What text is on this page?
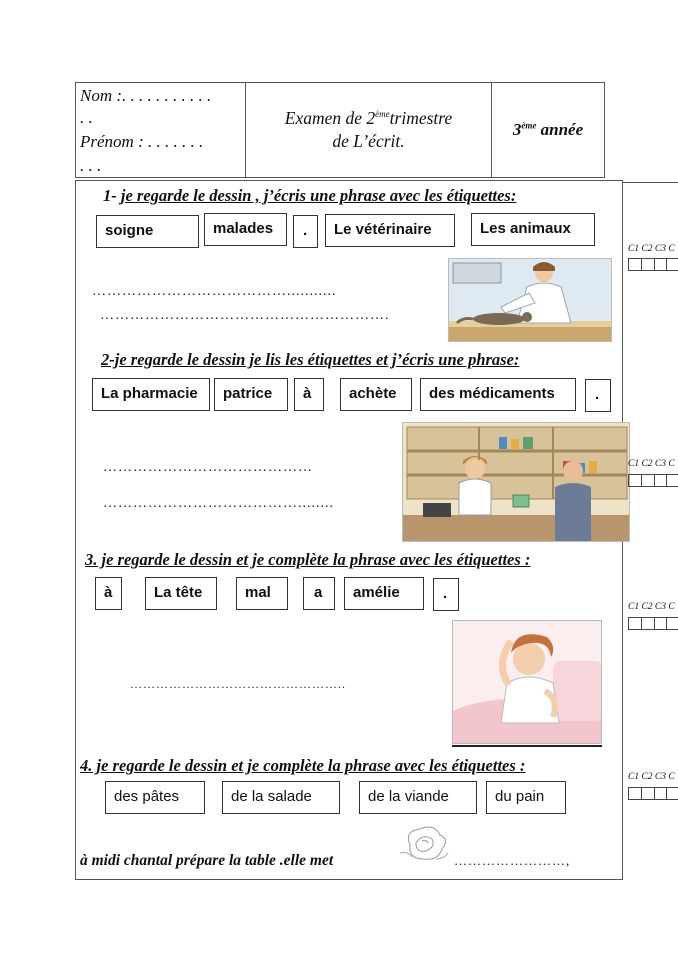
Nom :. . . . . . . . . . .
. .
Prénom : . . . . . . .
. . .
Examen de 2èmetrimestre
de L’écrit.
3ème année
1- je regarde le dessin , j’écris une phrase avec les étiquettes:
soigne	malades	.	Le vétérinaire	Les animaux
…………………………………...........
………………………………………………….
C1 C2 C3 C
2-je regarde le dessin je lis les étiquettes et j’écris une phrase:
La pharmacie	patrice	à	achète	des médicaments	.
……………………………………
…………………………………........
C1 C2 C3 C
3. je regarde le dessin et je complète la phrase avec les étiquettes :
à	La tête	mal	a	amélie	.
…………………………………………..
C1 C2 C3 C
4. je regarde le dessin et je complète la phrase avec les étiquettes :
des pâtes	de la salade	de la viande	du pain
à midi chantal prépare la table .elle met	……………………,
C1 C2 C3 C
